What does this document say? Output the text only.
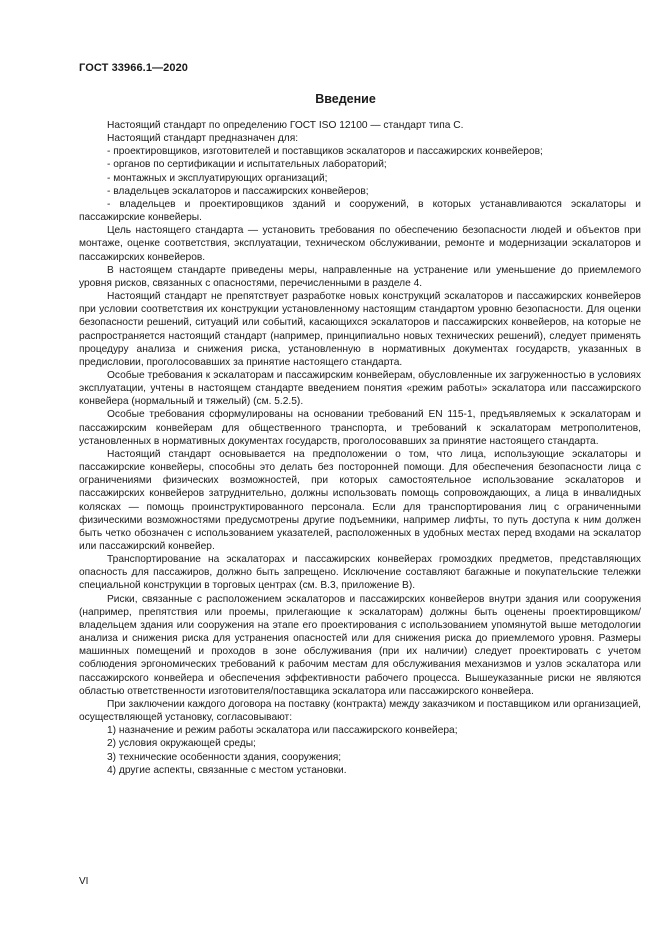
ГОСТ 33966.1—2020
Введение

Настоящий стандарт по определению ГОСТ ISO 12100 — стандарт типа С.

Настоящий стандарт предназначен для:

- проектировщиков, изготовителей и поставщиков эскалаторов и пассажирских конвейеров;

- органов по сертификации и испытательных лабораторий;

- монтажных и эксплуатирующих организаций;

- владельцев эскалаторов и пассажирских конвейеров;

- владельцев и проектировщиков зданий и сооружений, в которых устанавливаются эскалаторы и пассажирские конвейеры.

Цель настоящего стандарта — установить требования по обеспечению безопасности людей и объектов при монтаже, оценке соответствия, эксплуатации, техническом обслуживании, ремонте и модернизации эскалаторов и пассажирских конвейеров.

В настоящем стандарте приведены меры, направленные на устранение или уменьшение до приемлемого уровня рисков, связанных с опасностями, перечисленными в разделе 4.

Настоящий стандарт не препятствует разработке новых конструкций эскалаторов и пассажирских конвейеров при условии соответствия их конструкции установленному настоящим стандартом уровню безопасности. Для оценки безопасности решений, ситуаций или событий, касающихся эскалаторов и пассажирских конвейеров, на которые не распространяется настоящий стандарт (например, принципиально новых технических решений), следует применять процедуру анализа и снижения риска, установленную в нормативных документах государств, указанных в предисловии, проголосовавших за принятие настоящего стандарта.

Особые требования к эскалаторам и пассажирским конвейерам, обусловленные их загруженностью в условиях эксплуатации, учтены в настоящем стандарте введением понятия «режим работы» эскалатора или пассажирского конвейера (нормальный и тяжелый) (см. 5.2.5).

Особые требования сформулированы на основании требований EN 115-1, предъявляемых к эскалаторам и пассажирским конвейерам для общественного транспорта, и требований к эскалаторам метрополитенов, установленных в нормативных документах государств, проголосовавших за принятие настоящего стандарта.

Настоящий стандарт основывается на предположении о том, что лица, использующие эскалаторы и пассажирские конвейеры, способны это делать без посторонней помощи. Для обеспечения безопасности лица с ограничениями физических возможностей, при которых самостоятельное использование эскалаторов и пассажирских конвейеров затруднительно, должны использовать помощь сопровождающих, а лица в инвалидных колясках — помощь проинструктированного персонала. Если для транспортирования лиц с ограниченными физическими возможностями предусмотрены другие подъемники, например лифты, то путь доступа к ним должен быть четко обозначен с использованием указателей, расположенных в удобных местах перед входами на эскалатор или пассажирский конвейер.

Транспортирование на эскалаторах и пассажирских конвейерах громоздких предметов, представляющих опасность для пассажиров, должно быть запрещено. Исключение составляют багажные и покупательские тележки специальной конструкции в торговых центрах (см. В.3, приложение В).

Риски, связанные с расположением эскалаторов и пассажирских конвейеров внутри здания или сооружения (например, препятствия или проемы, прилегающие к эскалаторам) должны быть оценены проектировщиком/владельцем здания или сооружения на этапе его проектирования с использованием упомянутой выше методологии анализа и снижения риска для устранения опасностей или для снижения риска до приемлемого уровня. Размеры машинных помещений и проходов в зоне обслуживания (при их наличии) следует проектировать с учетом соблюдения эргономических требований к рабочим местам для обслуживания механизмов и узлов эскалатора или пассажирского конвейера и обеспечения эффективности рабочего процесса. Вышеуказанные риски не являются областью ответственности изготовителя/поставщика эскалатора или пассажирского конвейера.

При заключении каждого договора на поставку (контракта) между заказчиком и поставщиком или организацией, осуществляющей установку, согласовывают:

1) назначение и режим работы эскалатора или пассажирского конвейера;

2) условия окружающей среды;

3) технические особенности здания, сооружения;

4) другие аспекты, связанные с местом установки.

VI
